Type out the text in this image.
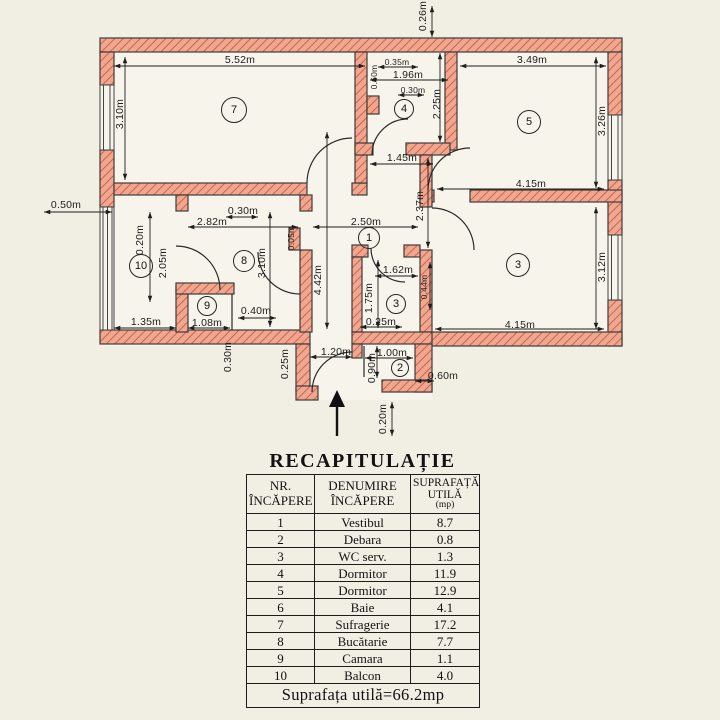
5.52m	0.35m
1.96m
0.60m
0.30m
0.26m
3.49m
3.10m	2.25m
3.26m
1.45m
4.15m
0.50m	0.30m
2.82m	2.50m
2.37m
0.20m
2.05m	3.10m
0.05m
4.42m	1.62m
1.75m	0.44m
3.12m
0.40m
1.35m	1.08m	0.25m	4.15m
0.30m	0.25m	1.20m 1.00m
0.90m	0.60m
0.20m
7	4
5
1
10	8
9	3
3
2
RECAPITULAȚIE
NR.
ÎNCĂPERE

DENUMIRE
ÎNCĂPERE

SUPRAFAȚĂ
UTILĂ
(mp)

1	Vestibul	8.7
2	Debara	0.8
3	WC serv.	1.3
4	Dormitor	11.9
5	Dormitor	12.9
6	Baie	4.1
7	Sufragerie	17.2
8	Bucătarie	7.7
9	Camara	1.1
10	Balcon	4.0
Suprafața utilă=66.2mp		
